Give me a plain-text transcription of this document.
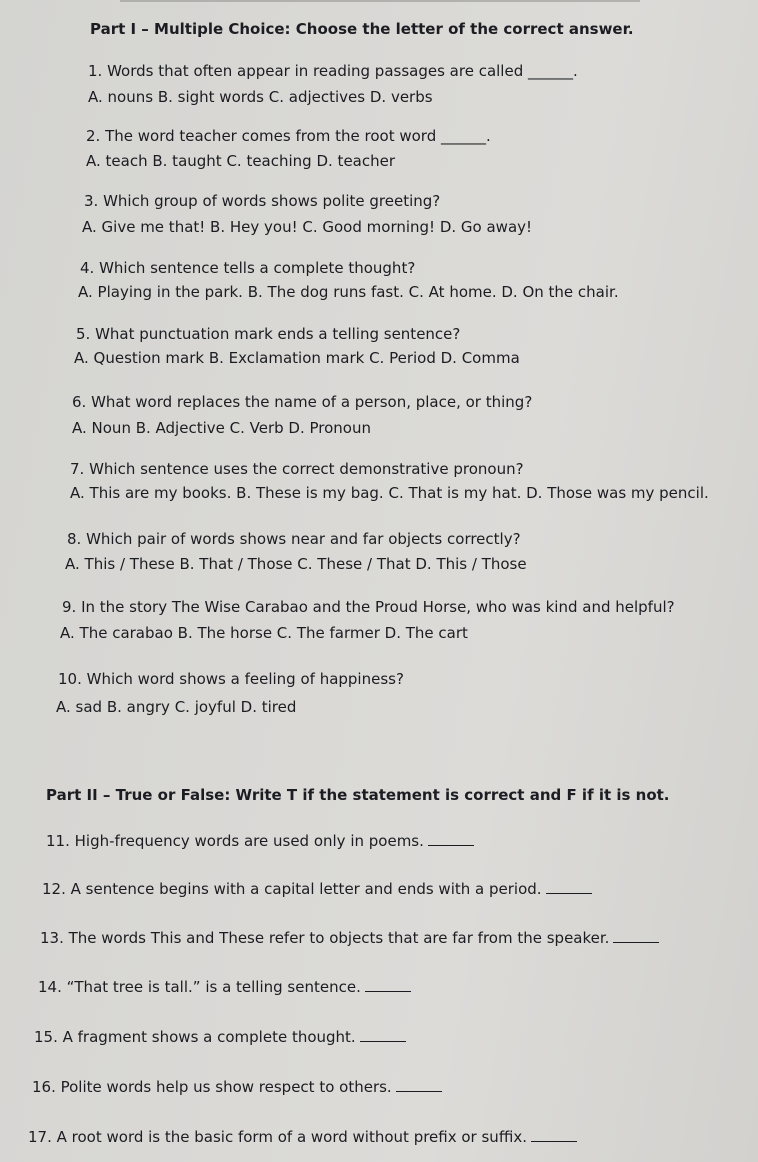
Part I – Multiple Choice: Choose the letter of the correct answer.
1. Words that often appear in reading passages are called ______.
A. nouns B. sight words C. adjectives D. verbs
2. The word teacher comes from the root word ______.
A. teach B. taught C. teaching D. teacher
3. Which group of words shows polite greeting?
A. Give me that! B. Hey you! C. Good morning! D. Go away!
4. Which sentence tells a complete thought?
A. Playing in the park. B. The dog runs fast. C. At home. D. On the chair.
5. What punctuation mark ends a telling sentence?
A. Question mark B. Exclamation mark C. Period D. Comma
6. What word replaces the name of a person, place, or thing?
A. Noun B. Adjective C. Verb D. Pronoun
7. Which sentence uses the correct demonstrative pronoun?
A. This are my books. B. These is my bag. C. That is my hat. D. Those was my pencil.
8. Which pair of words shows near and far objects correctly?
A. This / These B. That / Those C. These / That D. This / Those
9. In the story The Wise Carabao and the Proud Horse, who was kind and helpful?
A. The carabao B. The horse C. The farmer D. The cart
10. Which word shows a feeling of happiness?
A. sad B. angry C. joyful D. tired
Part II – True or False: Write T if the statement is correct and F if it is not.
11. High-frequency words are used only in poems.
12. A sentence begins with a capital letter and ends with a period.
13. The words This and These refer to objects that are far from the speaker.
14. “That tree is tall.” is a telling sentence.
15. A fragment shows a complete thought.
16. Polite words help us show respect to others.
17. A root word is the basic form of a word without prefix or suffix.
